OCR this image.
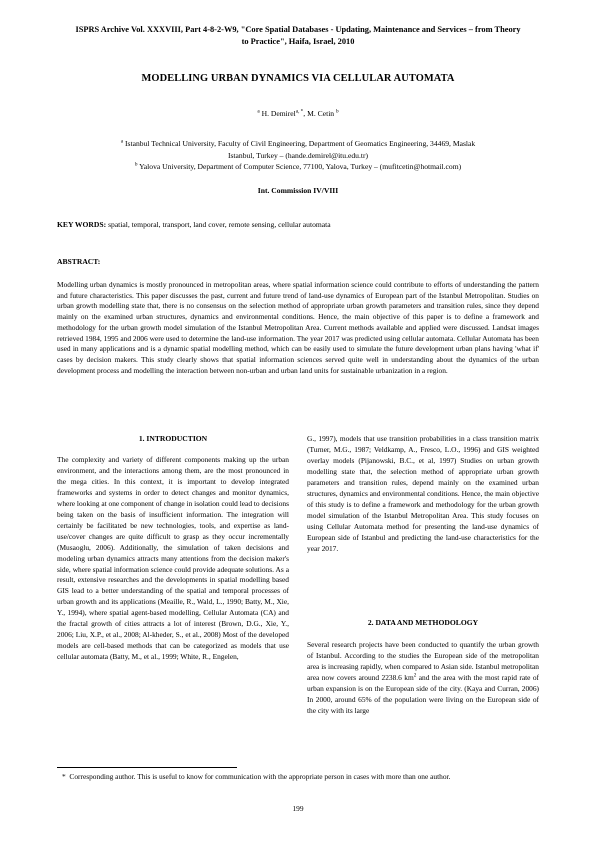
ISPRS Archive Vol. XXXVIII, Part 4-8-2-W9, "Core Spatial Databases - Updating, Maintenance and Services – from Theory
to Practice", Haifa, Israel, 2010
MODELLING URBAN DYNAMICS VIA CELLULAR AUTOMATA
$^a$ H. Demirel$^{a, *}$, M. Cetin $^b$
$^a$ Istanbul Technical University, Faculty of Civil Engineering, Department of Geomatics Engineering, 34469, Maslak
Istanbul, Turkey – (hande.demirel@itu.edu.tr)
$^b$ Yalova University, Department of Computer Science, 77100, Yalova, Turkey – (mufitcetin@hotmail.com)
Int. Commission IV/VIII
KEY WORDS: spatial, temporal, transport, land cover, remote sensing, cellular automata
ABSTRACT:
Modelling urban dynamics is mostly pronounced in metropolitan areas, where spatial information science could contribute to efforts of understanding the pattern and future characteristics. This paper discusses the past, current and future trend of land-use dynamics of European part of the Istanbul Metropolitan. Studies on urban growth modelling state that, there is no consensus on the selection method of appropriate urban growth parameters and transition rules, since they depend mainly on the examined urban structures, dynamics and environmental conditions. Hence, the main objective of this paper is to define a framework and methodology for the urban growth model simulation of the Istanbul Metropolitan Area. Current methods available and applied were discussed. Landsat images retrieved 1984, 1995 and 2006 were used to determine the land-use information. The year 2017 was predicted using cellular automata. Cellular Automata has been used in many applications and is a dynamic spatial modelling method, which can be easily used to simulate the future development urban plans having 'what if' cases by decision makers. This study clearly shows that spatial information sciences served quite well in understanding about the dynamics of the urban development process and modelling the interaction between non-urban and urban land units for sustainable urbanization in a region.
1. INTRODUCTION
The complexity and variety of different components making up the urban environment, and the interactions among them, are the most pronounced in the mega cities. In this context, it is important to develop integrated frameworks and systems in order to detect changes and monitor dynamics, where looking at one component of change in isolation could lead to decisions being taken on the basis of insufficient information. The integration will certainly be facilitated be new technologies, tools, and expertise as land-use/cover changes are quite difficult to grasp as they occur incrementally (Musaoglu, 2006). Additionally, the simulation of taken decisions and modeling urban dynamics attracts many attentions from the decision maker's side, where spatial information science could provide adequate solutions. As a result, extensive researches and the developments in spatial modelling based GIS lead to a better understanding of the spatial and temporal processes of urban growth and its applications (Meaille, R., Wald, L., 1990; Batty, M., Xie, Y., 1994), where spatial agent-based modelling, Cellular Automata (CA) and the fractal growth of cities attracts a lot of interest (Brown, D.G., Xie, Y., 2006; Liu, X.P., et al., 2008; Al-kheder, S., et al., 2008) Most of the developed models are cell-based methods that can be categorized as models that use cellular automata (Batty, M., et al., 1999; White, R., Engelen,
G., 1997), models that use transition probabilities in a class transition matrix (Turner, M.G., 1987; Veldkamp, A., Fresco, L.O., 1996) and GIS weighted overlay models (Pijanowski, B.C., et al, 1997) Studies on urban growth modelling state that, the selection method of appropriate urban growth parameters and transition rules, depend mainly on the examined urban structures, dynamics and environmental conditions. Hence, the main objective of this study is to define a framework and methodology for the urban growth model simulation of the Istanbul Metropolitan Area. This study focuses on using Cellular Automata method for presenting the land-use dynamics of European side of Istanbul and predicting the land-use characteristics for the year 2017.
2. DATA AND METHODOLOGY
Several research projects have been conducted to quantify the urban growth of Istanbul. According to the studies the European side of the metropolitan area is increasing rapidly, when compared to Asian side. Istanbul metropolitan area now covers around 2238.6 $km^2$ and the area with the most rapid rate of urban expansion is on the European side of the city. (Kaya and Curran, 2006) In 2000, around 65% of the population were living on the European side of the city with its large
* Corresponding author. This is useful to know for communication with the appropriate person in cases with more than one author.
199
